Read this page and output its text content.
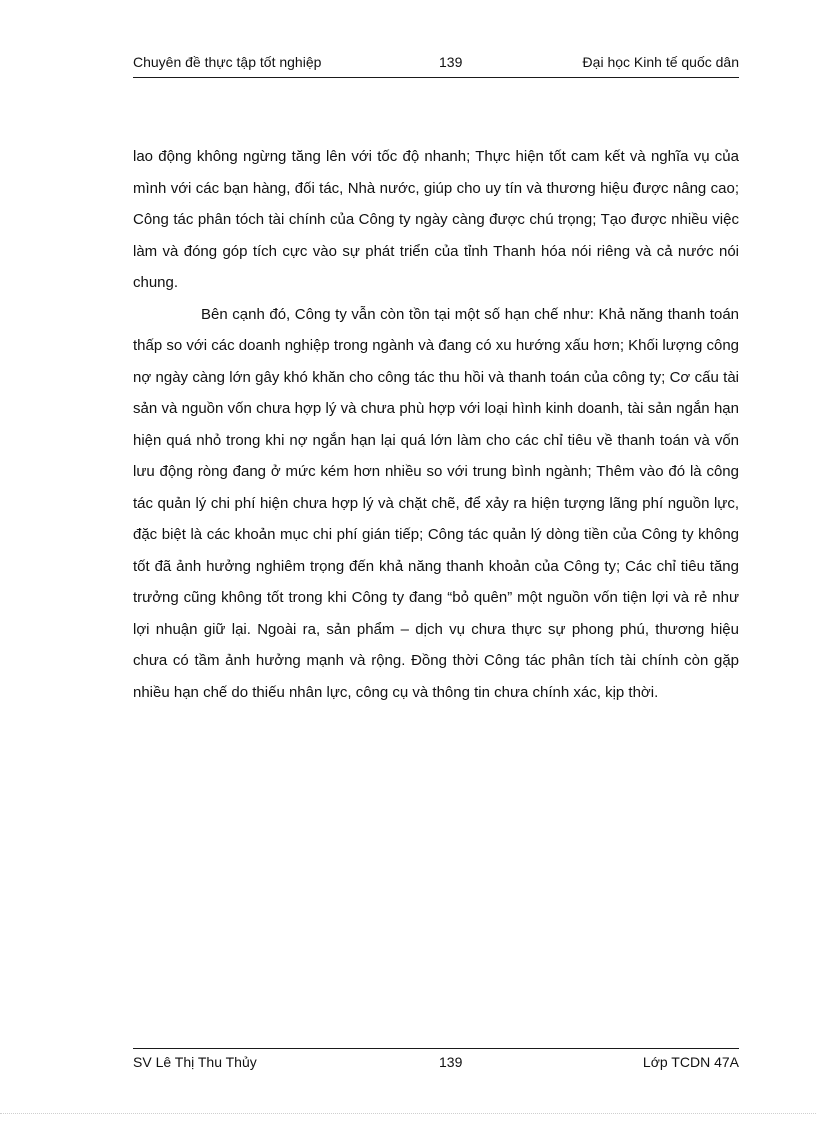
Chuyên đề thực tập tốt nghiệp	139	Đại học Kinh tế quốc dân

lao động không ngừng tăng lên với tốc độ nhanh; Thực hiện tốt cam kết và nghĩa vụ của mình với các bạn hàng, đối tác, Nhà nước, giúp cho uy tín và thương hiệu được nâng cao; Công tác phân tóch tài chính của Công ty ngày càng được chú trọng; Tạo được nhiều việc làm và đóng góp tích cực vào sự phát triển của tỉnh Thanh hóa nói riêng và cả nước nói chung.

Bên cạnh đó, Công ty vẫn còn tồn tại một số hạn chế như: Khả năng thanh toán thấp so với các doanh nghiệp trong ngành và đang có xu hướng xấu hơn; Khối lượng công nợ ngày càng lớn gây khó khăn cho công tác thu hồi và thanh toán của công ty; Cơ cấu tài sản và nguồn vốn chưa hợp lý và chưa phù hợp với loại hình kinh doanh, tài sản ngắn hạn hiện quá nhỏ trong khi nợ ngắn hạn lại quá lớn làm cho các chỉ tiêu về thanh toán và vốn lưu động ròng đang ở mức kém hơn nhiều so với trung bình ngành; Thêm vào đó là công tác quản lý chi phí hiện chưa hợp lý và chặt chẽ, để xảy ra hiện tượng lãng phí nguồn lực, đặc biệt là các khoản mục chi phí gián tiếp; Công tác quản lý dòng tiền của Công ty không tốt đã ảnh hưởng nghiêm trọng đến khả năng thanh khoản của Công ty; Các chỉ tiêu tăng trưởng cũng không tốt trong khi Công ty đang “bỏ quên” một nguồn vốn tiện lợi và rẻ như lợi nhuận giữ lại. Ngoài ra, sản phẩm – dịch vụ chưa thực sự phong phú, thương hiệu chưa có tầm ảnh hưởng mạnh và rộng. Đồng thời Công tác phân tích tài chính còn gặp nhiều hạn chế do thiếu nhân lực, công cụ và thông tin chưa chính xác, kịp thời.

SV Lê Thị Thu Thủy	139	Lớp TCDN 47A
